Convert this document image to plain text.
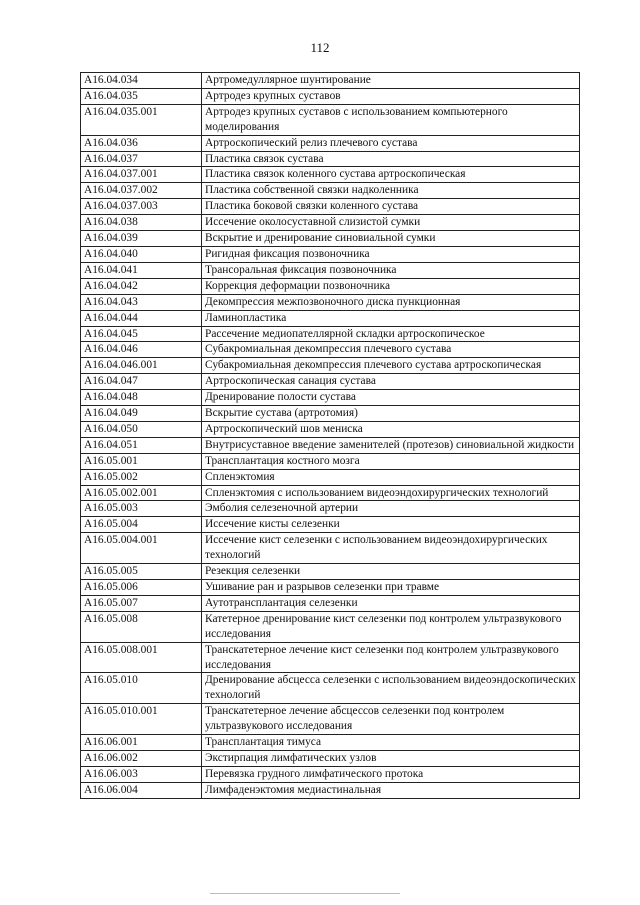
112
A16.04.034	Артромедуллярное шунтирование
A16.04.035	Артродез крупных суставов
A16.04.035.001	Артродез крупных суставов с использованием компьютерного моделирования
A16.04.036	Артроскопический релиз плечевого сустава
A16.04.037	Пластика связок сустава
A16.04.037.001	Пластика связок коленного сустава артроскопическая
A16.04.037.002	Пластика собственной связки надколенника
A16.04.037.003	Пластика боковой связки коленного сустава
A16.04.038	Иссечение околосуставной слизистой сумки
A16.04.039	Вскрытие и дренирование синовиальной сумки
A16.04.040	Ригидная фиксация позвоночника
A16.04.041	Трансоральная фиксация позвоночника
A16.04.042	Коррекция деформации позвоночника
A16.04.043	Декомпрессия межпозвоночного диска пункционная
A16.04.044	Ламинопластика
A16.04.045	Рассечение медиопателлярной складки артроскопическое
A16.04.046	Субакромиальная декомпрессия плечевого сустава
A16.04.046.001	Субакромиальная декомпрессия плечевого сустава артроскопическая
A16.04.047	Артроскопическая санация сустава
A16.04.048	Дренирование полости сустава
A16.04.049	Вскрытие сустава (артротомия)
A16.04.050	Артроскопический шов мениска
A16.04.051	Внутрисуставное введение заменителей (протезов) синовиальной жидкости
A16.05.001	Трансплантация костного мозга
A16.05.002	Спленэктомия
A16.05.002.001	Спленэктомия с использованием видеоэндохирургических технологий
A16.05.003	Эмболия селезеночной артерии
A16.05.004	Иссечение кисты селезенки
A16.05.004.001	Иссечение кист селезенки с использованием видеоэндохирургических технологий
A16.05.005	Резекция селезенки
A16.05.006	Ушивание ран и разрывов селезенки при травме
A16.05.007	Аутотрансплантация селезенки
A16.05.008	Катетерное дренирование кист селезенки под контролем ультразвукового исследования
A16.05.008.001	Транскатетерное лечение кист селезенки под контролем ультразвукового исследования
A16.05.010	Дренирование абсцесса селезенки с использованием видеоэндоскопических технологий
A16.05.010.001	Транскатетерное лечение абсцессов селезенки под контролем ультразвукового исследования
A16.06.001	Трансплантация тимуса
A16.06.002	Экстирпация лимфатических узлов
A16.06.003	Перевязка грудного лимфатического протока
A16.06.004	Лимфаденэктомия медиастинальная
